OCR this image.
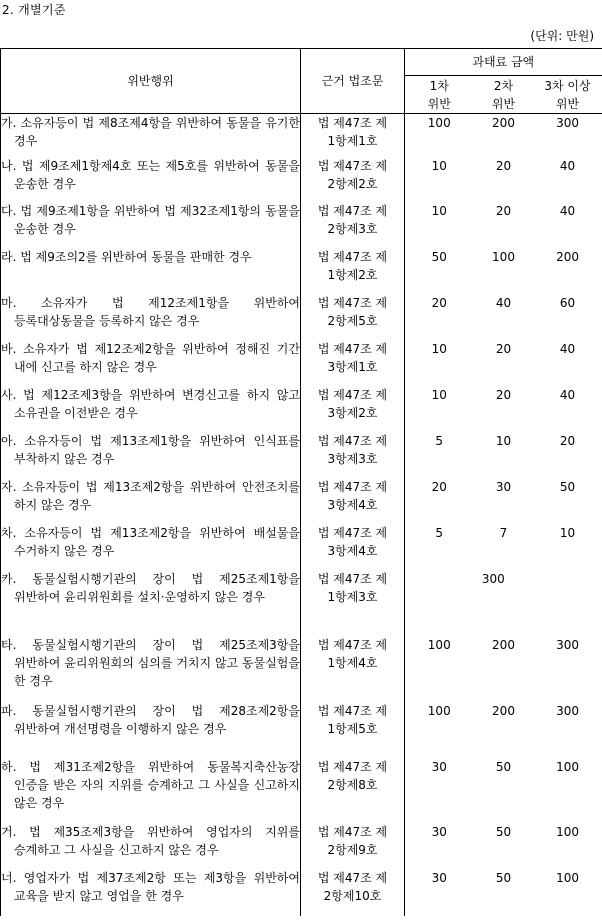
2. 개별기준
(단위: 만원)
위반행위	근거 법조문	과태료 금액		

		1차 위반	2차 위반	3차 이상 위반

가. 소유자등이 법 제8조제4항을 위반하여 동물을 유기한 경우	법 제47조 제1항제1호	100	200	300

나. 법 제9조제1항제4호 또는 제5호를 위반하여 동물을 운송한 경우	법 제47조 제2항제2호	10	20	40

다. 법 제9조제1항을 위반하여 법 제32조제1항의 동물을 운송한 경우	법 제47조 제2항제3호	10	20	40

라. 법 제9조의2를 위반하여 동물을 판매한 경우	법 제47조 제1항제2호	50	100	200

마. 소유자가 법 제12조제1항을 위반하여 등록대상동물을 등록하지 않은 경우	법 제47조 제2항제5호	20	40	60

바. 소유자가 법 제12조제2항을 위반하여 정해진 기간 내에 신고를 하지 않은 경우	법 제47조 제3항제1호	10	20	40

사. 법 제12조제3항을 위반하여 변경신고를 하지 않고 소유권을 이전받은 경우	법 제47조 제3항제2호	10	20	40

아. 소유자등이 법 제13조제1항을 위반하여 인식표를 부착하지 않은 경우	법 제47조 제3항제3호	5	10	20

자. 소유자등이 법 제13조제2항을 위반하여 안전조치를 하지 않은 경우	법 제47조 제3항제4호	20	30	50

차. 소유자등이 법 제13조제2항을 위반하여 배설물을 수거하지 않은 경우	법 제47조 제3항제4호	5	7	10

카. 동물실험시행기관의 장이 법 제25조제1항을 위반하여 윤리위원회를 설치·운영하지 않은 경우	법 제47조 제1항제3호	300		

타. 동물실험시행기관의 장이 법 제25조제3항을 위반하여 윤리위원회의 심의를 거치지 않고 동물실험을 한 경우	법 제47조 제1항제4호	100	200	300

파. 동물실험시행기관의 장이 법 제28조제2항을 위반하여 개선명령을 이행하지 않은 경우	법 제47조 제1항제5호	100	200	300

하. 법 제31조제2항을 위반하여 동물복지축산농장 인증을 받은 자의 지위를 승계하고 그 사실을 신고하지 않은 경우	법 제47조 제2항제8호	30	50	100

거. 법 제35조제3항을 위반하여 영업자의 지위를 승계하고 그 사실을 신고하지 않은 경우	법 제47조 제2항제9호	30	50	100

너. 영업자가 법 제37조제2항 또는 제3항을 위반하여 교육을 받지 않고 영업을 한 경우	법 제47조 제2항제10호	30	50	100
